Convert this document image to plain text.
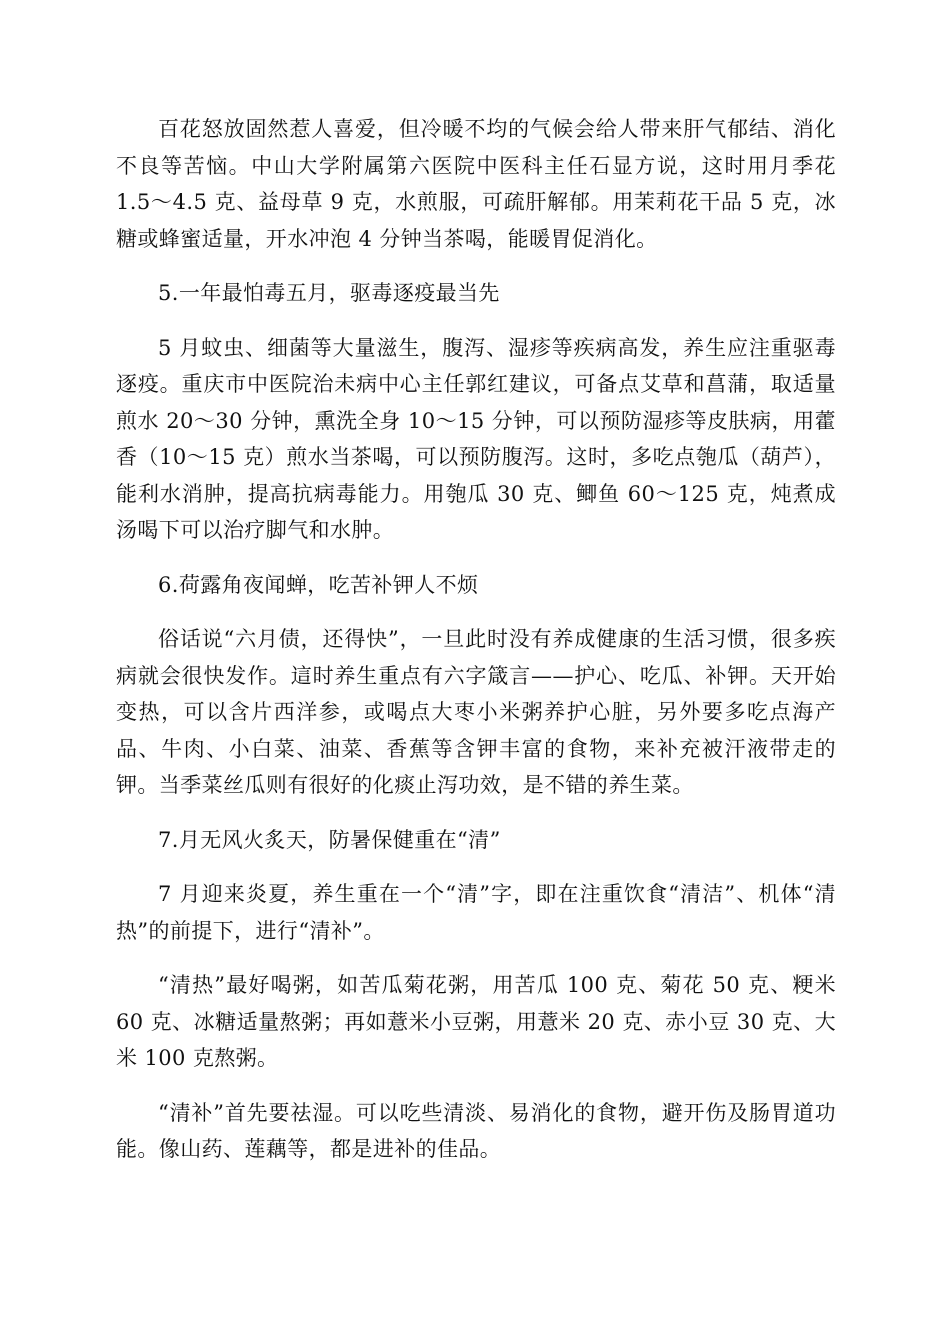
百花怒放固然惹人喜爱，但冷暖不均的气候会给人带来肝气郁结、消化不良等苦恼。中山大学附属第六医院中医科主任石显方说，这时用月季花 1.5～4.5 克、益母草 9 克，水煎服，可疏肝解郁。用茉莉花干品 5 克，冰糖或蜂蜜适量，开水冲泡 4 分钟当茶喝，能暖胃促消化。

5.一年最怕毒五月，驱毒逐疫最当先

5 月蚊虫、细菌等大量滋生，腹泻、湿疹等疾病高发，养生应注重驱毒逐疫。重庆市中医院治未病中心主任郭红建议，可备点艾草和菖蒲，取适量煎水 20～30 分钟，熏洗全身 10～15 分钟，可以预防湿疹等皮肤病，用藿香（10～15 克）煎水当茶喝，可以预防腹泻。这时，多吃点匏瓜（葫芦），能利水消肿，提高抗病毒能力。用匏瓜 30 克、鲫鱼 60～125 克，炖煮成汤喝下可以治疗脚气和水肿。

6.荷露角夜闻蝉，吃苦补钾人不烦

俗话说“六月债，还得快”，一旦此时没有养成健康的生活习惯，很多疾病就会很快发作。這时养生重点有六字箴言——护心、吃瓜、补钾。天开始变热，可以含片西洋参，或喝点大枣小米粥养护心脏，另外要多吃点海产品、牛肉、小白菜、油菜、香蕉等含钾丰富的食物，来补充被汗液带走的钾。当季菜丝瓜则有很好的化痰止泻功效，是不错的养生菜。

7.月无风火炙天，防暑保健重在“清”

7 月迎来炎夏，养生重在一个“清”字，即在注重饮食“清洁”、机体“清热”的前提下，进行“清补”。

“清热”最好喝粥，如苦瓜菊花粥，用苦瓜 100 克、菊花 50 克、粳米 60 克、冰糖适量熬粥；再如薏米小豆粥，用薏米 20 克、赤小豆 30 克、大米 100 克熬粥。

“清补”首先要祛湿。可以吃些清淡、易消化的食物，避开伤及肠胃道功能。像山药、莲藕等，都是进补的佳品。
